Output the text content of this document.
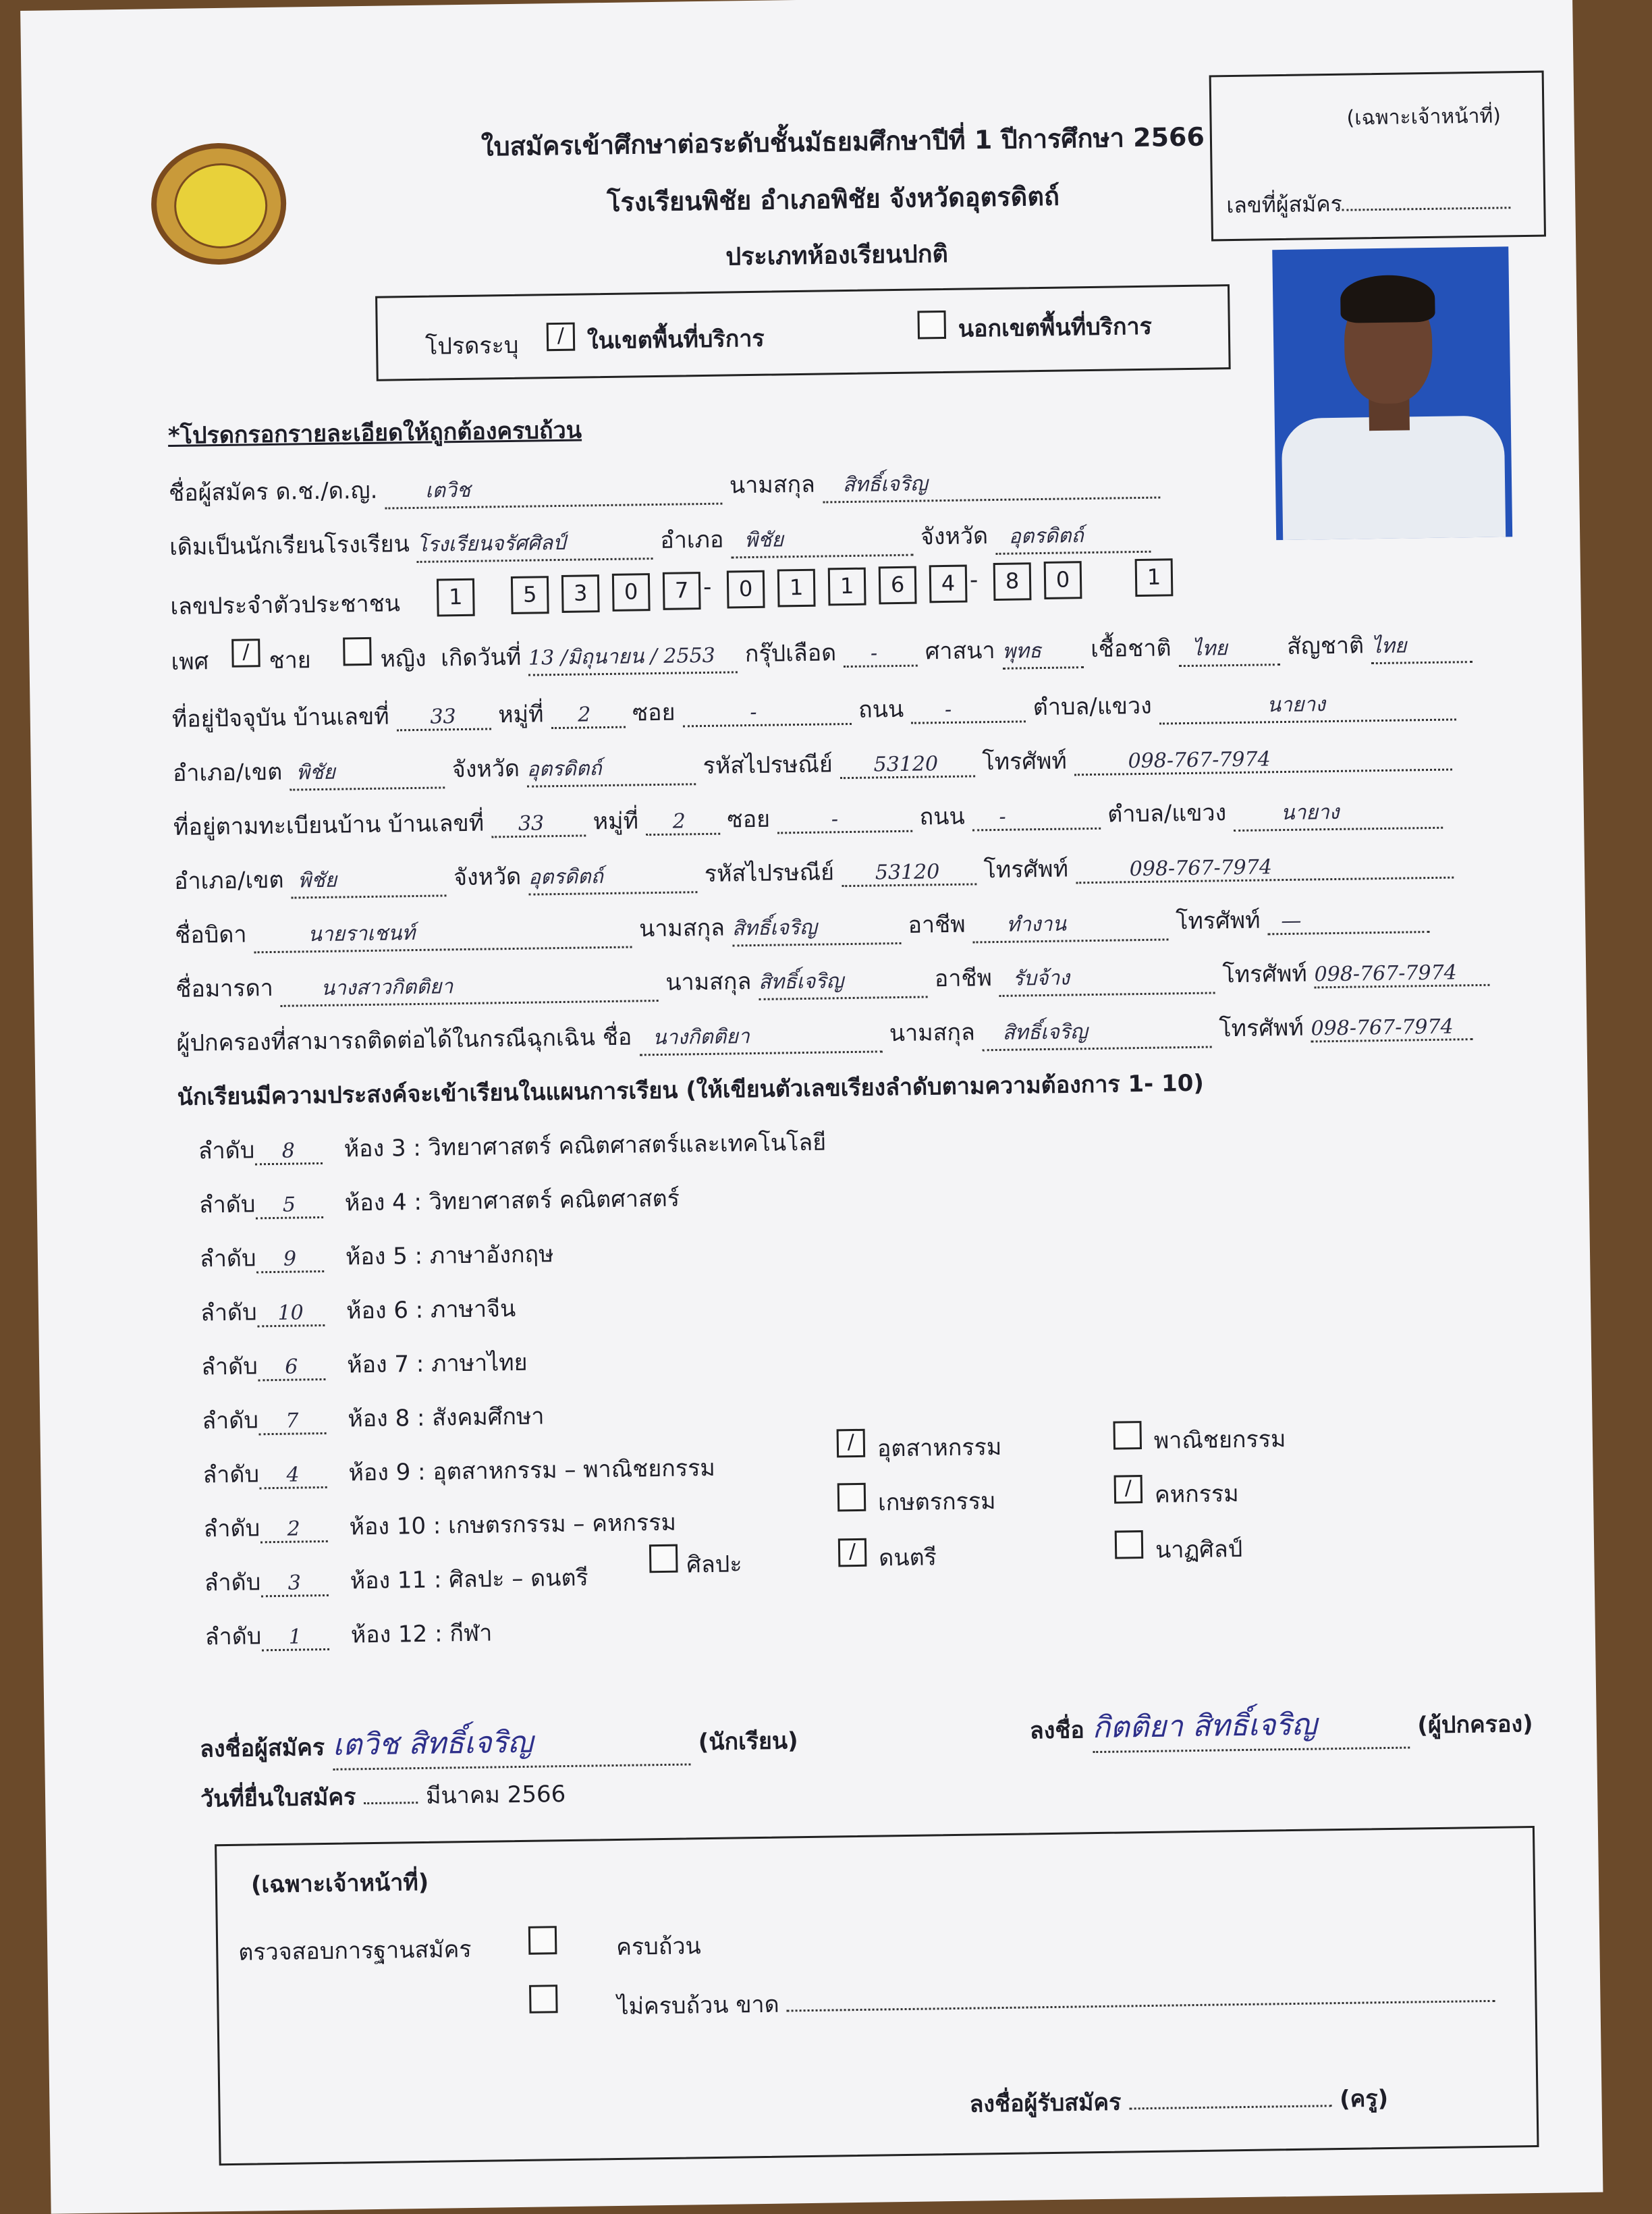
ใบสมัครเข้าศึกษาต่อระดับชั้นมัธยมศึกษาปีที่ 1 ปีการศึกษา 2566
โรงเรียนพิชัย อำเภอพิชัย จังหวัดอุตรดิตถ์
ประเภทห้องเรียนปกติ
(เฉพาะเจ้าหน้าที่)
เลขที่ผู้สมัคร
โปรดระบุ	/ ในเขตพื้นที่บริการ	นอกเขตพื้นที่บริการ
*โปรดกรอกรายละเอียดให้ถูกต้องครบถ้วน
ชื่อผู้สมัคร ด.ช./ด.ญ. เตวิช	นามสกุล สิทธิ์เจริญ
เดิมเป็นนักเรียนโรงเรียน โรงเรียนจรัศศิลป์	อำเภอ พิชัย	จังหวัด อุตรดิตถ์
เลขประจำตัวประชาชน	1	5	3	0	7 -	0	1	1	6	4 -	8	0	1
เพศ	/ ชาย	หญิง เกิดวันที่ 13 /มิถุนายน / 2553 กรุ๊ปเลือด - ศาสนา พุทธ เชื้อชาติ ไทย	สัญชาติ ไทย
ที่อยู่ปัจจุบัน บ้านเลขที่ 33 หมู่ที่ 2 ซอย	-	ถนน -	ตำบล/แขวง	นายาง
อำเภอ/เขต พิชัย	จังหวัด อุตรดิตถ์	รหัสไปรษณีย์ 53120 โทรศัพท์	098-767-7974
ที่อยู่ตามทะเบียนบ้าน บ้านเลขที่ 33 หมู่ที่ 2 ซอย	-	ถนน -	ตำบล/แขวง	นายาง
อำเภอ/เขต พิชัย	จังหวัด อุตรดิตถ์	รหัสไปรษณีย์ 53120 โทรศัพท์	098-767-7974
ชื่อบิดา	นายราเชนท์	นามสกุล สิทธิ์เจริญ	อาชีพ ทำงาน	โทรศัพท์ —
ชื่อมารดา นางสาวกิตติยา	นามสกุล สิทธิ์เจริญ	อาชีพ รับจ้าง	โทรศัพท์ 098-767-7974
ผู้ปกครองที่สามารถติดต่อได้ในกรณีฉุกเฉิน ชื่อ นางกิตติยา	นามสกุล สิทธิ์เจริญ	โทรศัพท์ 098-767-7974
นักเรียนมีความประสงค์จะเข้าเรียนในแผนการเรียน (ให้เขียนตัวเลขเรียงลำดับตามความต้องการ 1- 10)
ลำดับ 8 ห้อง 3 : วิทยาศาสตร์ คณิตศาสตร์และเทคโนโลยี
ลำดับ 5 ห้อง 4 : วิทยาศาสตร์ คณิตศาสตร์
ลำดับ 9 ห้อง 5 : ภาษาอังกฤษ
ลำดับ 10 ห้อง 6 : ภาษาจีน
ลำดับ 6 ห้อง 7 : ภาษาไทย
ลำดับ 7 ห้อง 8 : สังคมศึกษา
ลำดับ 4 ห้อง 9 : อุตสาหกรรม – พาณิชยกรรม
ลำดับ 2 ห้อง 10 : เกษตรกรรม – คหกรรม
ลำดับ 3 ห้อง 11 : ศิลปะ – ดนตรี
ลำดับ 1 ห้อง 12 : กีฬา
/ อุตสาหกรรม	พาณิชยกรรม
เกษตรกรรม	/ คหกรรม
ศิลปะ	/ ดนตรี	นาฏศิลป์
ลงชื่อผู้สมัคร เตวิช สิทธิ์เจริญ	(นักเรียน)	ลงชื่อ กิตติยา สิทธิ์เจริญ	(ผู้ปกครอง)
วันที่ยื่นใบสมัคร	มีนาคม 2566
(เฉพาะเจ้าหน้าที่)
ตรวจสอบการฐานสมัคร	ครบถ้วน
ไม่ครบถ้วน ขาด
ลงชื่อผู้รับสมัคร	(ครู)
